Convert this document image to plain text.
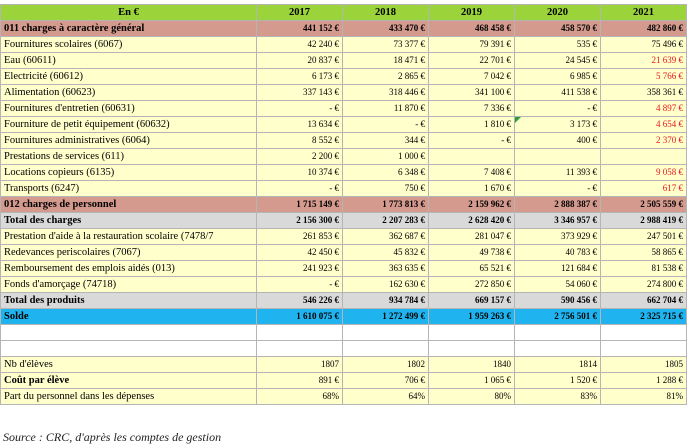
En €	2017	2018	2019	2020	2021
011 charges à caractère général	441 152 €	433 470 €	468 458 €	458 570 €	482 860 €
Fournitures scolaires (6067)	42 240 €	73 377 €	79 391 €	535 €	75 496 €
Eau (60611)	20 837 €	18 471 €	22 701 €	24 545 €	21 639 €
Electricité (60612)	6 173 €	2 865 €	7 042 €	6 985 €	5 766 €
Alimentation (60623)	337 143 €	318 446 €	341 100 €	411 538 €	358 361 €
Fournitures d'entretien (60631)	- €	11 870 €	7 336 €	- €	4 897 €
Fourniture de petit équipement (60632)	13 634 €	- €	1 810 €	3 173 €	4 654 €
Fournitures administratives (6064)	8 552 €	344 €	- €	400 €	2 370 €
Prestations de services (611)	2 200 €	1 000 €			
Locations copieurs (6135)	10 374 €	6 348 €	7 408 €	11 393 €	9 058 €
Transports (6247)	- €	750 €	1 670 €	- €	617 €
012 charges de personnel	1 715 149 €	1 773 813 €	2 159 962 €	2 888 387 €	2 505 559 €
Total des charges	2 156 300 €	2 207 283 €	2 628 420 €	3 346 957 €	2 988 419 €
Prestation d'aide à la restauration scolaire (7478/7	261 853 €	362 687 €	281 047 €	373 929 €	247 501 €
Redevances periscolaires (7067)	42 450 €	45 832 €	49 738 €	40 783 €	58 865 €
Remboursement des emplois aidés (013)	241 923 €	363 635 €	65 521 €	121 684 €	81 538 €
Fonds d'amorçage (74718)	- €	162 630 €	272 850 €	54 060 €	274 800 €
Total des produits	546 226 €	934 784 €	669 157 €	590 456 €	662 704 €
Solde	1 610 075 €	1 272 499 €	1 959 263 €	2 756 501 €	2 325 715 €

Nb d'élèves	1807	1802	1840	1814	1805
Coût par élève	891 €	706 €	1 065 €	1 520 €	1 288 €
Part du personnel dans les dépenses	68%	64%	80%	83%	81%
Source : CRC, d'après les comptes de gestion
